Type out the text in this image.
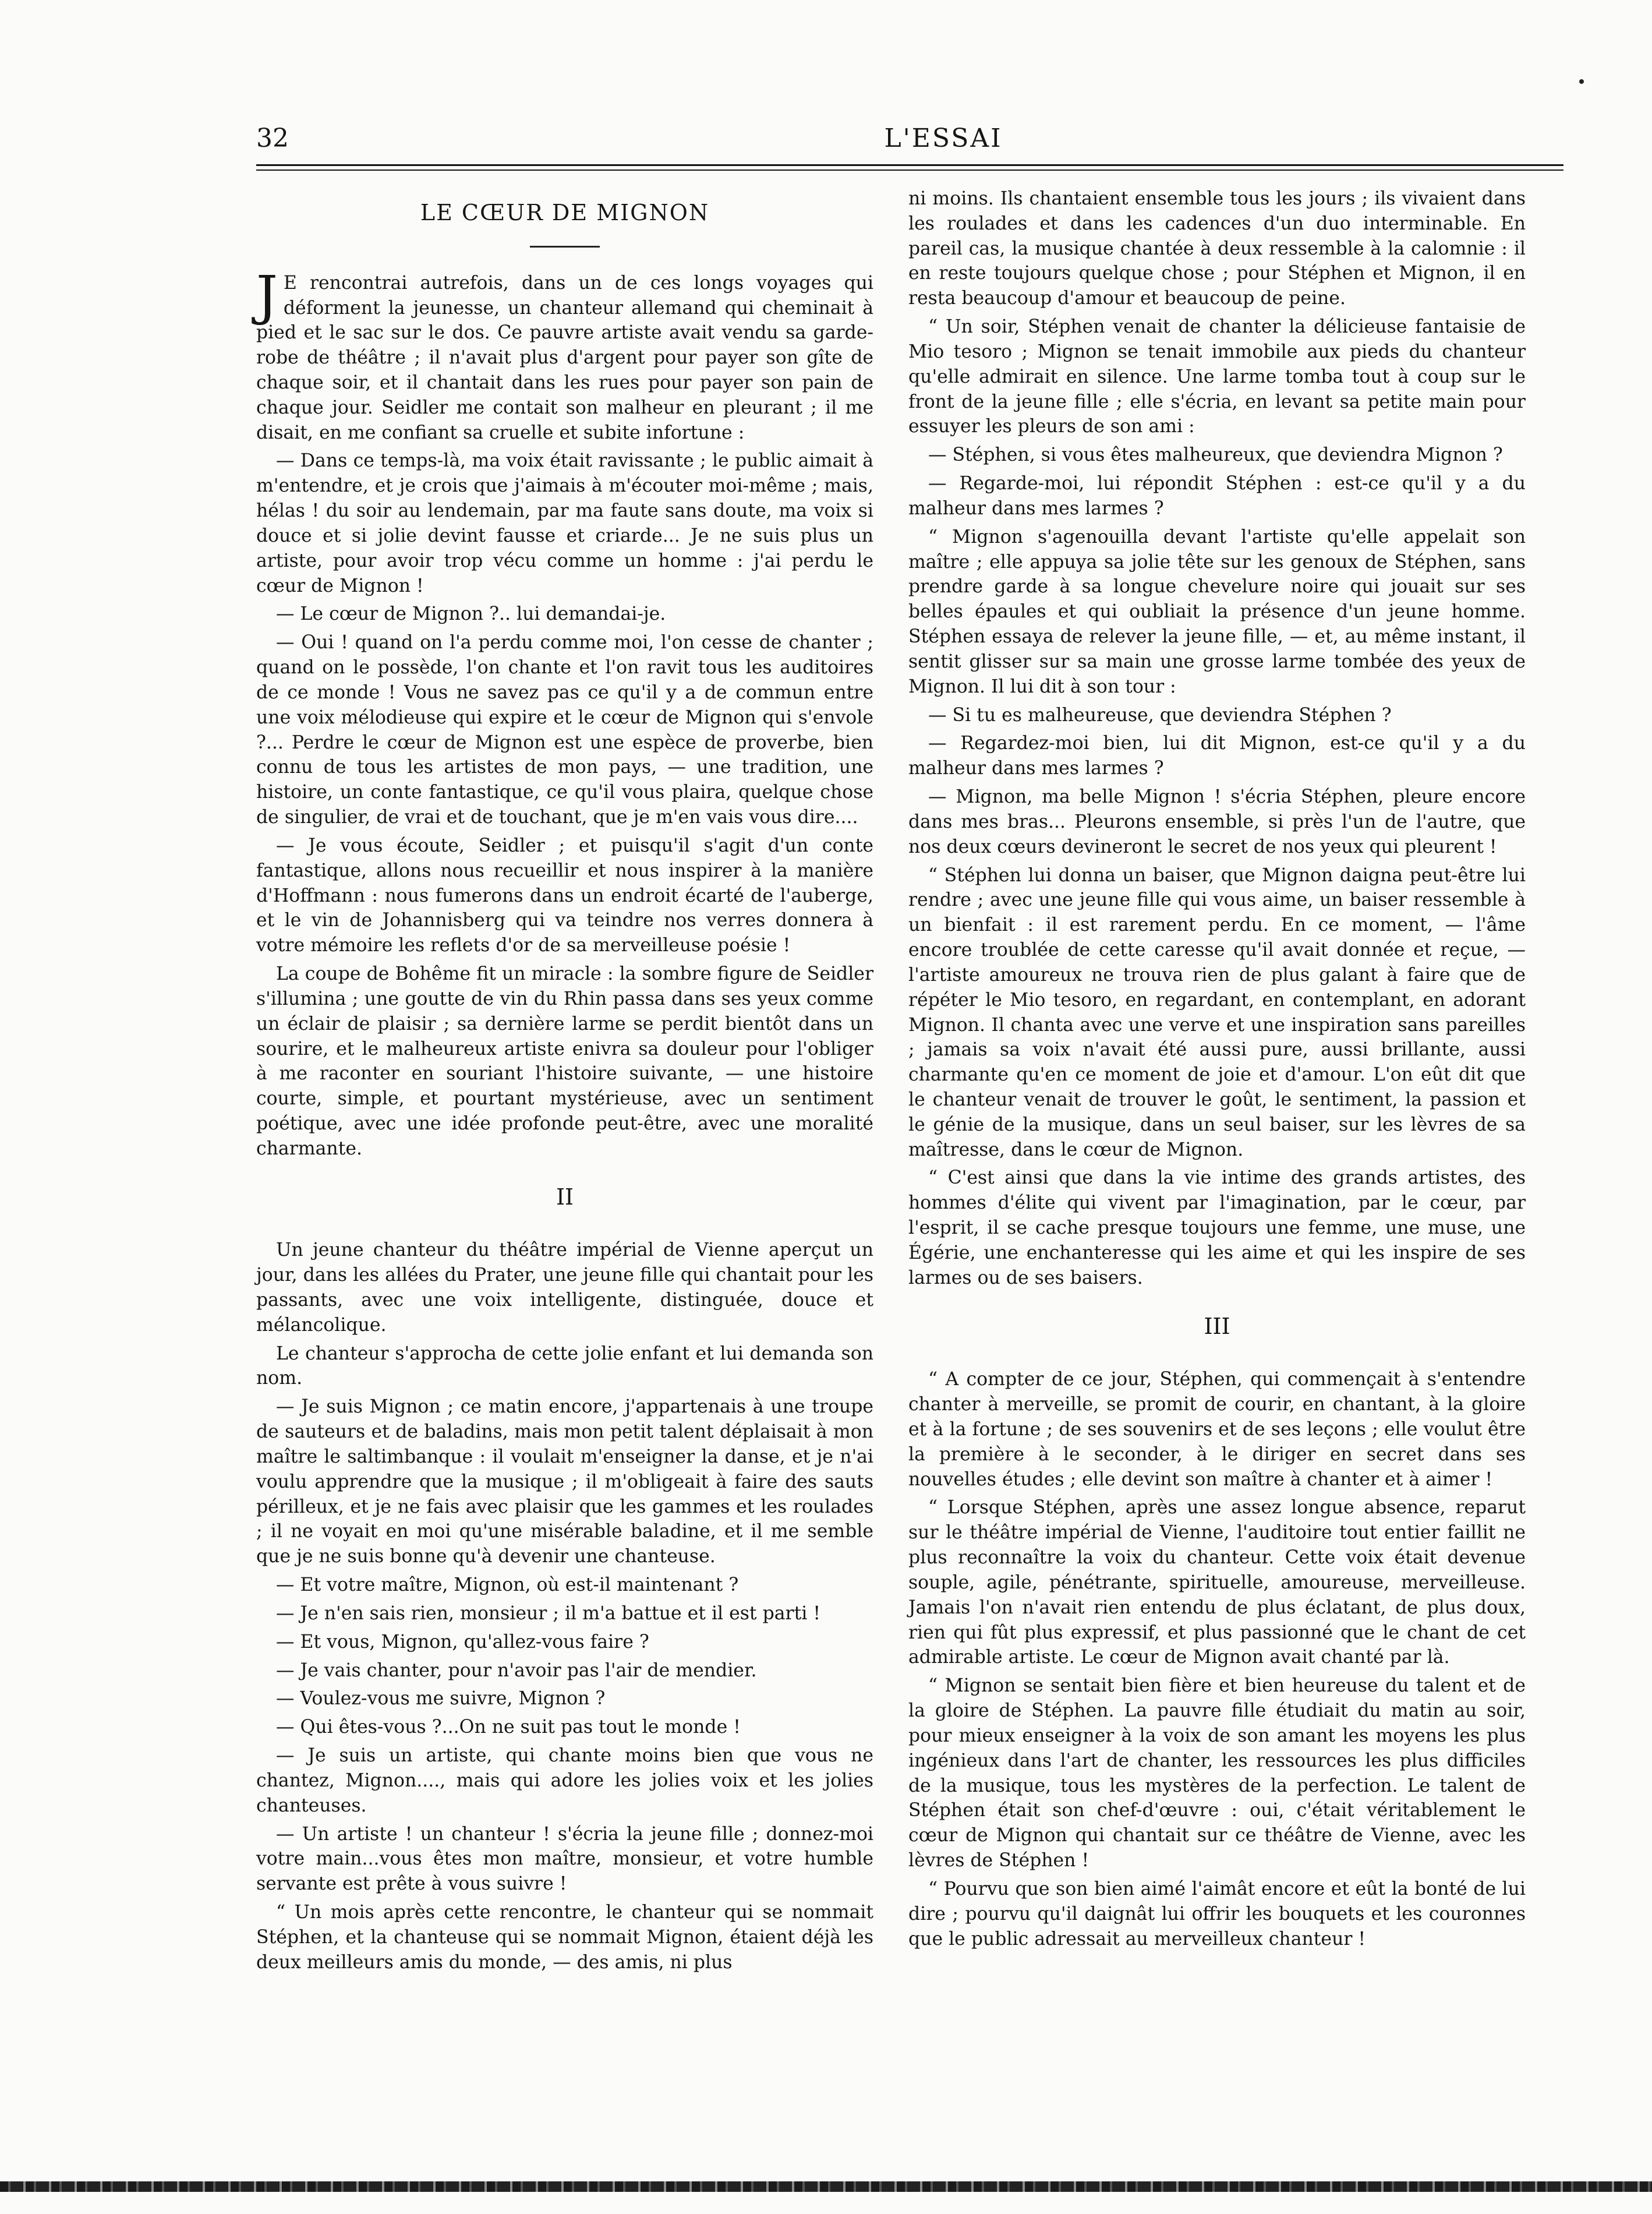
32	L'ESSAI
LE CŒUR DE MIGNON

J E rencontrai autrefois, dans un de ces longs voyages qui déforment la jeunesse, un chanteur allemand qui cheminait à pied et le sac sur le dos. Ce pauvre artiste avait vendu sa garde-robe de théâtre ; il n'avait plus d'argent pour payer son gîte de chaque soir, et il chantait dans les rues pour payer son pain de chaque jour. Seidler me contait son malheur en pleurant ; il me disait, en me confiant sa cruelle et subite infortune :

— Dans ce temps-là, ma voix était ravissante ; le public aimait à m'entendre, et je crois que j'aimais à m'écouter moi-même ; mais, hélas ! du soir au lendemain, par ma faute sans doute, ma voix si douce et si jolie devint fausse et criarde... Je ne suis plus un artiste, pour avoir trop vécu comme un homme : j'ai perdu le cœur de Mignon !

— Le cœur de Mignon ?.. lui demandai-je.

— Oui ! quand on l'a perdu comme moi, l'on cesse de chanter ; quand on le possède, l'on chante et l'on ravit tous les auditoires de ce monde ! Vous ne savez pas ce qu'il y a de commun entre une voix mélodieuse qui expire et le cœur de Mignon qui s'envole ?... Perdre le cœur de Mignon est une espèce de proverbe, bien connu de tous les artistes de mon pays, — une tradition, une histoire, un conte fantastique, ce qu'il vous plaira, quelque chose de singulier, de vrai et de touchant, que je m'en vais vous dire....

— Je vous écoute, Seidler ; et puisqu'il s'agit d'un conte fantastique, allons nous recueillir et nous inspirer à la manière d'Hoffmann : nous fumerons dans un endroit écarté de l'auberge, et le vin de Johannisberg qui va teindre nos verres donnera à votre mémoire les reflets d'or de sa merveilleuse poésie !

La coupe de Bohême fit un miracle : la sombre figure de Seidler s'illumina ; une goutte de vin du Rhin passa dans ses yeux comme un éclair de plaisir ; sa dernière larme se perdit bientôt dans un sourire, et le malheureux artiste enivra sa douleur pour l'obliger à me raconter en souriant l'histoire suivante, — une histoire courte, simple, et pourtant mystérieuse, avec un sentiment poétique, avec une idée profonde peut-être, avec une moralité charmante.

II

Un jeune chanteur du théâtre impérial de Vienne aperçut un jour, dans les allées du Prater, une jeune fille qui chantait pour les passants, avec une voix intelligente, distinguée, douce et mélancolique.

Le chanteur s'approcha de cette jolie enfant et lui demanda son nom.

— Je suis Mignon ; ce matin encore, j'appartenais à une troupe de sauteurs et de baladins, mais mon petit talent déplaisait à mon maître le saltimbanque : il voulait m'enseigner la danse, et je n'ai voulu apprendre que la musique ; il m'obligeait à faire des sauts périlleux, et je ne fais avec plaisir que les gammes et les roulades ; il ne voyait en moi qu'une misérable baladine, et il me semble que je ne suis bonne qu'à devenir une chanteuse.

— Et votre maître, Mignon, où est-il maintenant ?

— Je n'en sais rien, monsieur ; il m'a battue et il est parti !

— Et vous, Mignon, qu'allez-vous faire ?

— Je vais chanter, pour n'avoir pas l'air de mendier.

— Voulez-vous me suivre, Mignon ?

— Qui êtes-vous ?...On ne suit pas tout le monde !

— Je suis un artiste, qui chante moins bien que vous ne chantez, Mignon...., mais qui adore les jolies voix et les jolies chanteuses.

— Un artiste ! un chanteur ! s'écria la jeune fille ; donnez-moi votre main...vous êtes mon maître, monsieur, et votre humble servante est prête à vous suivre !

“ Un mois après cette rencontre, le chanteur qui se nommait Stéphen, et la chanteuse qui se nommait Mignon, étaient déjà les deux meilleurs amis du monde, — des amis, ni plus

ni moins. Ils chantaient ensemble tous les jours ; ils vivaient dans les roulades et dans les cadences d'un duo interminable. En pareil cas, la musique chantée à deux ressemble à la calomnie : il en reste toujours quelque chose ; pour Stéphen et Mignon, il en resta beaucoup d'amour et beaucoup de peine.

“ Un soir, Stéphen venait de chanter la délicieuse fantaisie de Mio tesoro ; Mignon se tenait immobile aux pieds du chanteur qu'elle admirait en silence. Une larme tomba tout à coup sur le front de la jeune fille ; elle s'écria, en levant sa petite main pour essuyer les pleurs de son ami :

— Stéphen, si vous êtes malheureux, que deviendra Mignon ?

— Regarde-moi, lui répondit Stéphen : est-ce qu'il y a du malheur dans mes larmes ?

“ Mignon s'agenouilla devant l'artiste qu'elle appelait son maître ; elle appuya sa jolie tête sur les genoux de Stéphen, sans prendre garde à sa longue chevelure noire qui jouait sur ses belles épaules et qui oubliait la présence d'un jeune homme. Stéphen essaya de relever la jeune fille, — et, au même instant, il sentit glisser sur sa main une grosse larme tombée des yeux de Mignon. Il lui dit à son tour :

— Si tu es malheureuse, que deviendra Stéphen ?

— Regardez-moi bien, lui dit Mignon, est-ce qu'il y a du malheur dans mes larmes ?

— Mignon, ma belle Mignon ! s'écria Stéphen, pleure encore dans mes bras... Pleurons ensemble, si près l'un de l'autre, que nos deux cœurs devineront le secret de nos yeux qui pleurent !

“ Stéphen lui donna un baiser, que Mignon daigna peut-être lui rendre ; avec une jeune fille qui vous aime, un baiser ressemble à un bienfait : il est rarement perdu. En ce moment, — l'âme encore troublée de cette caresse qu'il avait donnée et reçue, — l'artiste amoureux ne trouva rien de plus galant à faire que de répéter le Mio tesoro, en regardant, en contemplant, en adorant Mignon. Il chanta avec une verve et une inspiration sans pareilles ; jamais sa voix n'avait été aussi pure, aussi brillante, aussi charmante qu'en ce moment de joie et d'amour. L'on eût dit que le chanteur venait de trouver le goût, le sentiment, la passion et le génie de la musique, dans un seul baiser, sur les lèvres de sa maîtresse, dans le cœur de Mignon.

“ C'est ainsi que dans la vie intime des grands artistes, des hommes d'élite qui vivent par l'imagination, par le cœur, par l'esprit, il se cache presque toujours une femme, une muse, une Égérie, une enchanteresse qui les aime et qui les inspire de ses larmes ou de ses baisers.

III

“ A compter de ce jour, Stéphen, qui commençait à s'entendre chanter à merveille, se promit de courir, en chantant, à la gloire et à la fortune ; de ses souvenirs et de ses leçons ; elle voulut être la première à le seconder, à le diriger en secret dans ses nouvelles études ; elle devint son maître à chanter et à aimer !

“ Lorsque Stéphen, après une assez longue absence, reparut sur le théâtre impérial de Vienne, l'auditoire tout entier faillit ne plus reconnaître la voix du chanteur. Cette voix était devenue souple, agile, pénétrante, spirituelle, amoureuse, merveilleuse. Jamais l'on n'avait rien entendu de plus éclatant, de plus doux, rien qui fût plus expressif, et plus passionné que le chant de cet admirable artiste. Le cœur de Mignon avait chanté par là.

“ Mignon se sentait bien fière et bien heureuse du talent et de la gloire de Stéphen. La pauvre fille étudiait du matin au soir, pour mieux enseigner à la voix de son amant les moyens les plus ingénieux dans l'art de chanter, les ressources les plus difficiles de la musique, tous les mystères de la perfection. Le talent de Stéphen était son chef-d'œuvre : oui, c'était véritablement le cœur de Mignon qui chantait sur ce théâtre de Vienne, avec les lèvres de Stéphen !

“ Pourvu que son bien aimé l'aimât encore et eût la bonté de lui dire ; pourvu qu'il daignât lui offrir les bouquets et les couronnes que le public adressait au merveilleux chanteur !
